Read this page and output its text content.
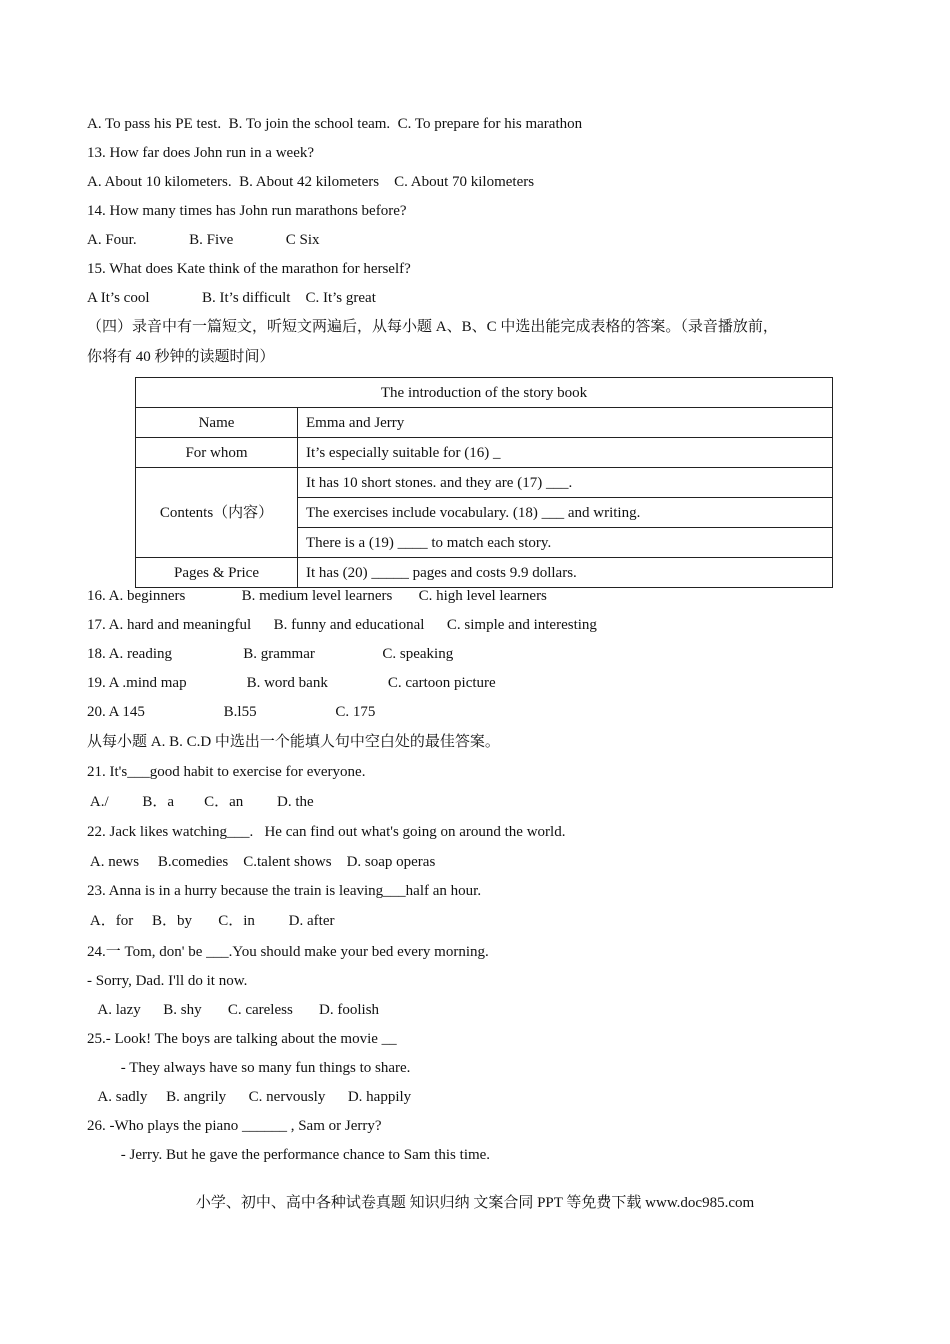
A. To pass his PE test.  B. To join the school team.  C. To prepare for his marathon
13. How far does John run in a week?
A. About 10 kilometers.  B. About 42 kilometers    C. About 70 kilometers
14. How many times has John run marathons before?
A. Four.              B. Five              C Six
15. What does Kate think of the marathon for herself?
A It’s cool              B. It’s difficult    C. It’s great
（四）录音中有一篇短文，听短文两遍后，从每小题 A、B、C 中选出能完成表格的答案。（录音播放前，
你将有 40 秒钟的读题时间）
The introduction of the story book	
Name	Emma and Jerry
For whom	It’s especially suitable for (16) _
Contents（内容）	It has 10 short stones. and they are (17) ___.
	The exercises include vocabulary. (18) ___ and writing.
	There is a (19) ____ to match each story.
Pages & Price	It has (20) _____ pages and costs 9.9 dollars.
16. A. beginners               B. medium level learners       C. high level learners
17. A. hard and meaningful      B. funny and educational      C. simple and interesting
18. A. reading                   B. grammar                  C. speaking
19. A .mind map                B. word bank                C. cartoon picture
20. A 145                     B.l55                     C. 175
从每小题 A. B. C.D 中选出一个能填人句中空白处的最佳答案。
21. It's___good habit to exercise for everyone.
A./         B．a        C．an         D. the
22. Jack likes watching___.   He can find out what's going on around the world.
A. news     B.comedies    C.talent shows    D. soap operas
23. Anna is in a hurry because the train is leaving___half an hour.
A．for     B．by       C．in         D. after
24.一 Tom, don' be ___.You should make your bed every morning.
- Sorry, Dad. I'll do it now.
A. lazy      B. shy       C. careless       D. foolish
25.- Look! The boys are talking about the movie __
- They always have so many fun things to share.
A. sadly     B. angrily      C. nervously      D. happily
26. -Who plays the piano ______ , Sam or Jerry?
- Jerry. But he gave the performance chance to Sam this time.
小学、初中、高中各种试卷真题 知识归纳 文案合同 PPT 等免费下载 www.doc985.com
